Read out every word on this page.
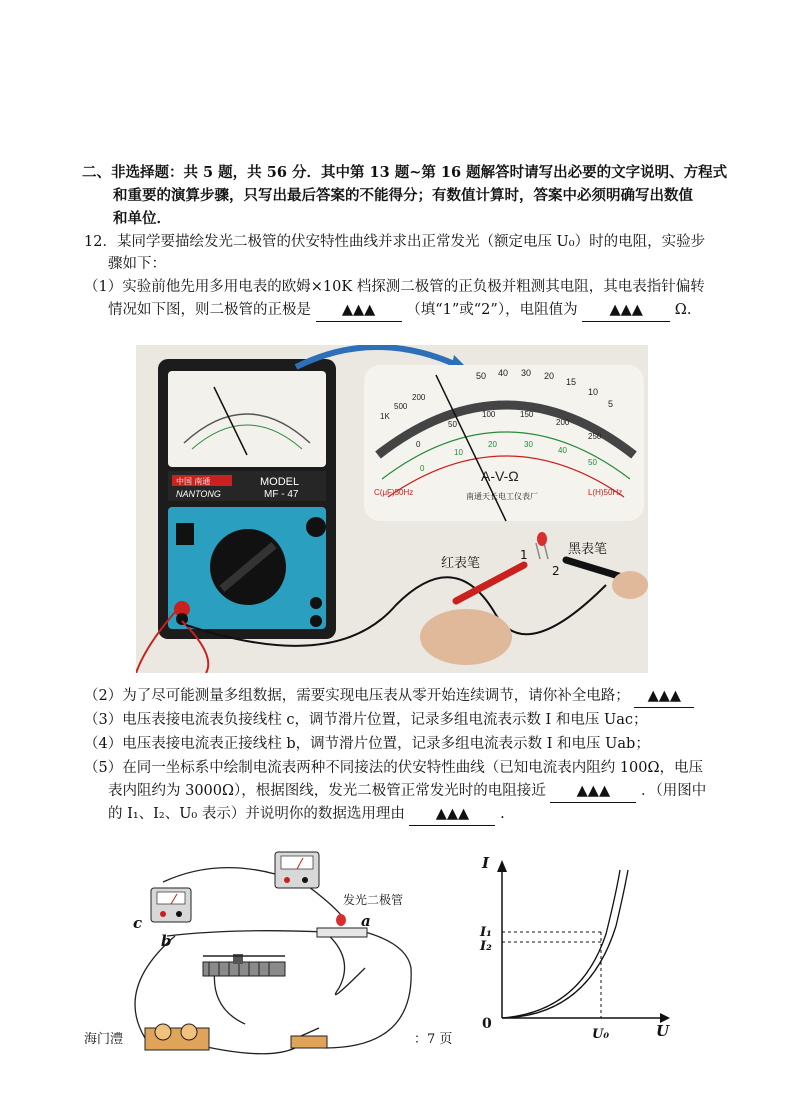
二、非选择题：共 5 题，共 56 分．其中第 13 题~第 16 题解答时请写出必要的文字说明、方程式
和重要的演算步骤，只写出最后答案的不能得分；有数值计算时，答案中必须明确写出数值
和单位．
12．某同学要描绘发光二极管的伏安特性曲线并求出正常发光（额定电压 U₀）时的电阻，实验步
骤如下：
（1）实验前他先用多用电表的欧姆×10K 档探测二极管的正负极并粗测其电阻，其电表指针偏转
情况如下图，则二极管的正极是 ▲▲▲ （填“1”或“2”），电阻值为 ▲▲▲ Ω.
中国 南通	MODEL
NANTONG	MF - 47
50 40 30 20
15
10
5
1K
500
200
0
50
100	150
200
250
0
10
20	30
40
50
A-V-Ω
南通天长电工仪表厂
C(μF)50Hz	L(H)50Hz
红表笔
黑表笔
1
2
（2）为了尽可能测量多组数据，需要实现电压表从零开始连续调节，请你补全电路； ▲▲▲
（3）电压表接电流表负接线柱 c，调节滑片位置，记录多组电流表示数 I 和电压 Uac；
（4）电压表接电流表正接线柱 b，调节滑片位置，记录多组电流表示数 I 和电压 Uab；
（5）在同一坐标系中绘制电流表两种不同接法的伏安特性曲线（已知电流表内阻约 100Ω，电压
表内阻约为 3000Ω），根据图线，发光二极管正常发光时的电阻接近 ▲▲▲ ．（用图中
的 I₁、I₂、U₀ 表示）并说明你的数据选用理由 ▲▲▲ .
c
b
发光二极管
a
I
U
0
I₁
I₂
U₀
海门澧	：7 页
